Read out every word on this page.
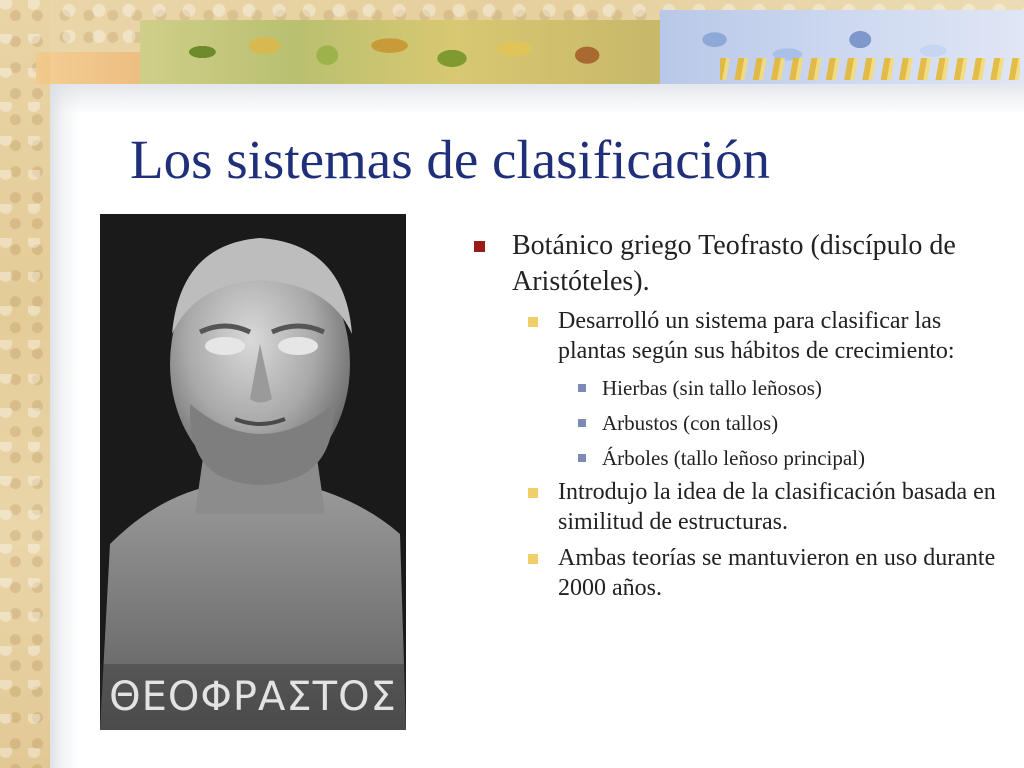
Los sistemas de clasificación
ΘΕΟΦΡΑΣΤΟΣ
Botánico griego Teofrasto (discípulo de Aristóteles).
Desarrolló un sistema para clasificar las plantas según sus hábitos de crecimiento:
Hierbas (sin tallo leñosos)
Arbustos (con tallos)
Árboles (tallo leñoso principal)
Introdujo la idea de la clasificación basada en similitud de estructuras.
Ambas teorías se mantuvieron en uso durante 2000 años.
